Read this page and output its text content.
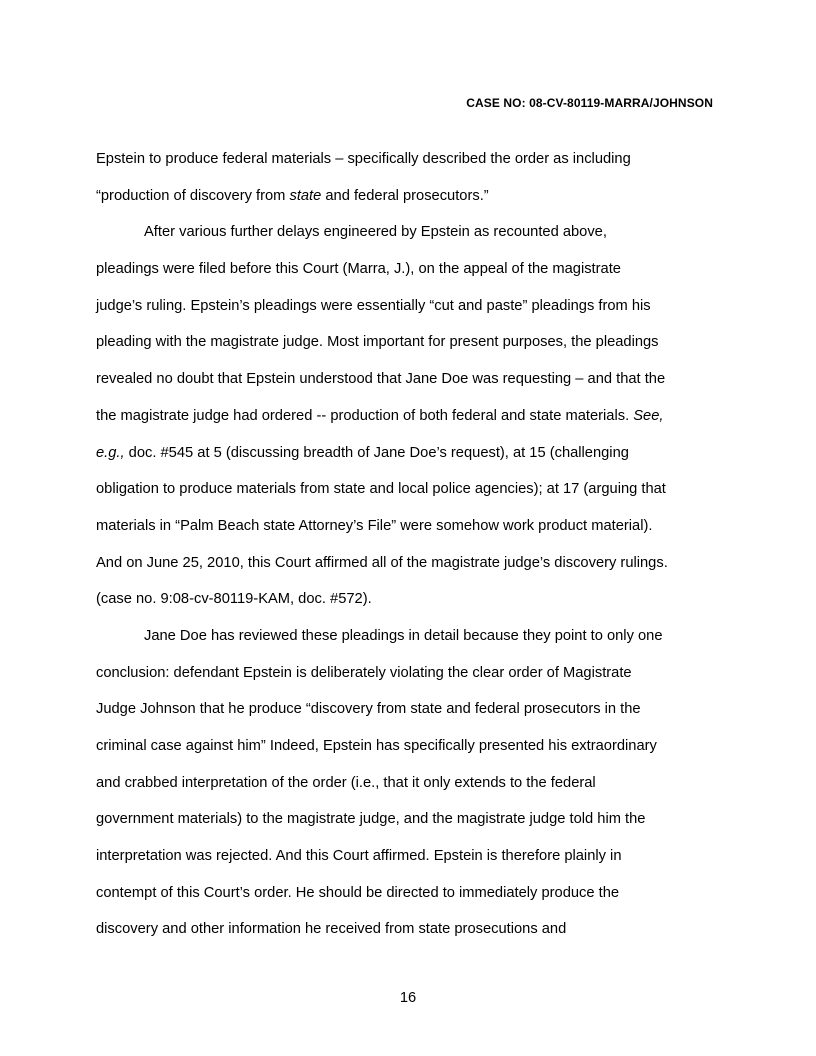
CASE NO: 08-CV-80119-MARRA/JOHNSON
Epstein to produce federal materials – specifically described the order as including
“production of discovery from state and federal prosecutors.”
After various further delays engineered by Epstein as recounted above,
pleadings were filed before this Court (Marra, J.), on the appeal of the magistrate
judge’s ruling. Epstein’s pleadings were essentially “cut and paste” pleadings from his
pleading with the magistrate judge. Most important for present purposes, the pleadings
revealed no doubt that Epstein understood that Jane Doe was requesting – and that the
the magistrate judge had ordered -- production of both federal and state materials. See,
e.g., doc. #545 at 5 (discussing breadth of Jane Doe’s request), at 15 (challenging
obligation to produce materials from state and local police agencies); at 17 (arguing that
materials in “Palm Beach state Attorney’s File” were somehow work product material).
And on June 25, 2010, this Court affirmed all of the magistrate judge’s discovery rulings.
(case no. 9:08-cv-80119-KAM, doc. #572).
Jane Doe has reviewed these pleadings in detail because they point to only one
conclusion: defendant Epstein is deliberately violating the clear order of Magistrate
Judge Johnson that he produce “discovery from state and federal prosecutors in the
criminal case against him” Indeed, Epstein has specifically presented his extraordinary
and crabbed interpretation of the order (i.e., that it only extends to the federal
government materials) to the magistrate judge, and the magistrate judge told him the
interpretation was rejected. And this Court affirmed. Epstein is therefore plainly in
contempt of this Court’s order. He should be directed to immediately produce the
discovery and other information he received from state prosecutions and
16
